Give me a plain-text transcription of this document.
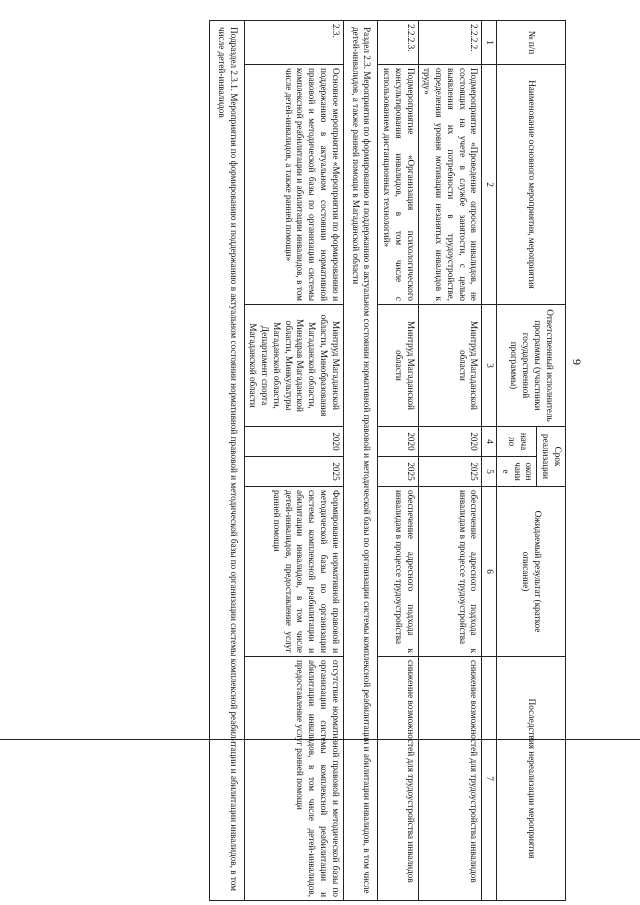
9
№ п/п	Наименование основного мероприятия, мероприятия	Ответственный исполнитель программы (участники государственной программы)	Срок реализации		Ожидаемый результат (краткое описание)	Последствия нереализации мероприятия
			нача ло	окон чани е		
1	2	3	4	5	6	7
2.2.2.2.	Подмероприятие «Проведение опросов инвалидов, не состоящих на учете в службе занятости, с целью выявления их потребности в трудоустройстве, определения уровня мотивации незанятых инвалидов к труду»	Минтруд Магаданской области	2020	2025	обеспечение адресного подхода к инвалидам в процессе трудоустройства	снижение возможностей для трудоустройства инвалидов
2.2.2.3.	Подмероприятие «Организация психологического консультирования инвалидов, в том числе с использованием дистанционных технологий»	Минтруд Магаданской области	2020	2025	обеспечение адресного подхода к инвалидам в процессе трудоустройства	снижение возможностей для трудоустройства инвалидов
Раздел 2.3. Мероприятия по формированию и поддержанию в актуальном состоянии нормативной правовой и методической базы по организации системы комплексной реабилитации и абилитации инвалидов, в том числе детей-инвалидов, а также ранней помощи в Магаданской области						
2.3.	Основное мероприятие «Мероприятия по формированию и поддержанию в актуальном состоянии нормативной правовой и методической базы по организации системы комплексной реабилитации и абилитации инвалидов, в том числе детей-инвалидов, а также ранней помощи»	Минтруд Магаданской области, Минобразования Магаданской области, Минздрав Магаданской области, Минкультуры Магаданской области, Департамент спорта Магаданской области	2020	2025	Формирование нормативной правовой и методической базы по организации системы комплексной реабилитации и абилитации инвалидов, в том числе детей-инвалидов, предоставление услуг ранней помощи	отсутствие нормативной правовой и методической базы по организации системы комплексной реабилитации и абилитации инвалидов, в том числе детей-инвалидов, предоставление услуг ранней помощи
Подраздел 2.3.1. Мероприятия по формированию и поддержанию в актуальном состоянии нормативной правовой и методической базы по организации системы комплексной реабилитации и абилитации инвалидов, в том числе детей-инвалидов						
